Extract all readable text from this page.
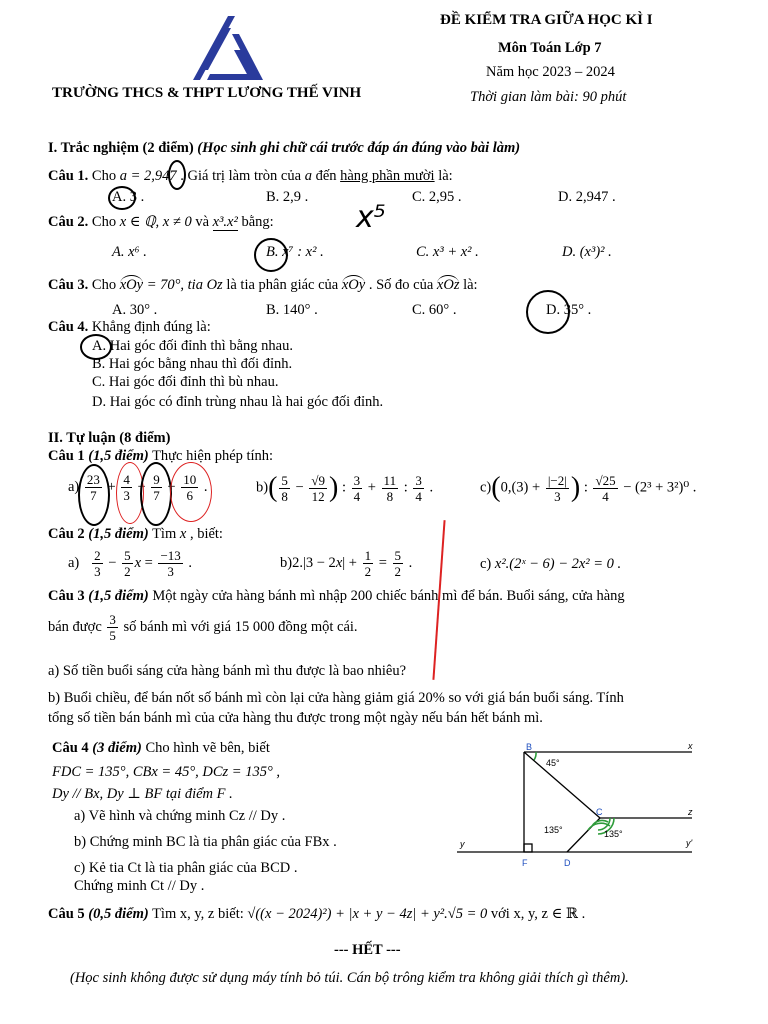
TRƯỜNG THCS & THPT LƯƠNG THẾ VINH
ĐỀ KIỂM TRA GIỮA HỌC KÌ I
Môn Toán Lớp 7
Năm học 2023 – 2024
Thời gian làm bài: 90 phút
I. Trắc nghiệm (2 điểm) (Học sinh ghi chữ cái trước đáp án đúng vào bài làm)
Câu 1. Cho a = 2,947 . Giá trị làm tròn của a đến hàng phần mười là:
A. 3 .	B. 2,9 .	C. 2,95 .	D. 2,947 .
Câu 2. Cho x ∈ ℚ, x ≠ 0 và x³.x² bằng:	x⁵
A. x⁶ .	B. x⁷ : x² .	C. x³ + x² .	D. (x³)² .
Câu 3. Cho xOy = 70°, tia Oz là tia phân giác của xOy . Số đo của xOz là:
A. 30° .	B. 140° .	C. 60° .	D. 35° .
Câu 4. Khẳng định đúng là:
A. Hai góc đối đỉnh thì bằng nhau.
B. Hai góc bằng nhau thì đối đỉnh.
C. Hai góc đối đỉnh thì bù nhau.
D. Hai góc có đỉnh trùng nhau là hai góc đối đỉnh.
II. Tự luận (8 điểm)
Câu 1 (1,5 điểm) Thực hiện phép tính:
$a) \frac{23}{7} + \frac{4}{3} + \frac{9}{7} + \frac{10}{6}$ .	$b)( \frac{5}{8} - \frac{√9}{12}$ ) : $\frac{3}{4} + \frac{11}{8}$ : $\frac{3}{4}$ .	$c)(0,(3) + \frac{|-2|}{3}$ ) : $\frac{√25}{4} - (2^3 + 3^2)^0$ .
Câu 2 (1,5 điểm) Tìm x , biết:
$a) \frac{2}{3} - \frac{5}{2}$ $x = \frac{-13}{3}$ .	$b)2.|3 - 2x| + \frac{1}{2} = \frac{5}{2}$ .	c) x².(2ˣ − 6) − 2x² = 0 .
Câu 3 (1,5 điểm) Một ngày cửa hàng bánh mì nhập 200 chiếc bánh mì để bán. Buổi sáng, cửa hàng
bán được $\frac{3}{5}$ số bánh mì với giá 15 000 đồng một cái.
a) Số tiền buổi sáng cửa hàng bánh mì thu được là bao nhiêu?
b) Buổi chiều, để bán nốt số bánh mì còn lại cửa hàng giảm giá 20% so với giá bán buổi sáng. Tính
tổng số tiền bán bánh mì của cửa hàng thu được trong một ngày nếu bán hết bánh mì.
Câu 4 (3 điểm) Cho hình vẽ bên, biết
FDC = 135°, CBx = 45°, DCz = 135° ,
Dy // Bx, Dy ⊥ BF tại điểm F .
a) Vẽ hình và chứng minh Cz // Dy .
b) Chứng minh BC là tia phân giác của FBx .
c) Kẻ tia Ct là tia phân giác của BCD .
Chứng minh Ct // Dy .
B	x
45°
C	z
135°	135°
y	y'
F	D
Câu 5 (0,5 điểm) Tìm x, y, z biết: √((x − 2024)²) + |x + y − 4z| + y².√5 = 0 với x, y, z ∈ ℝ .
--- HẾT ---
(Học sinh không được sử dụng máy tính bỏ túi. Cán bộ trông kiểm tra không giải thích gì thêm).
